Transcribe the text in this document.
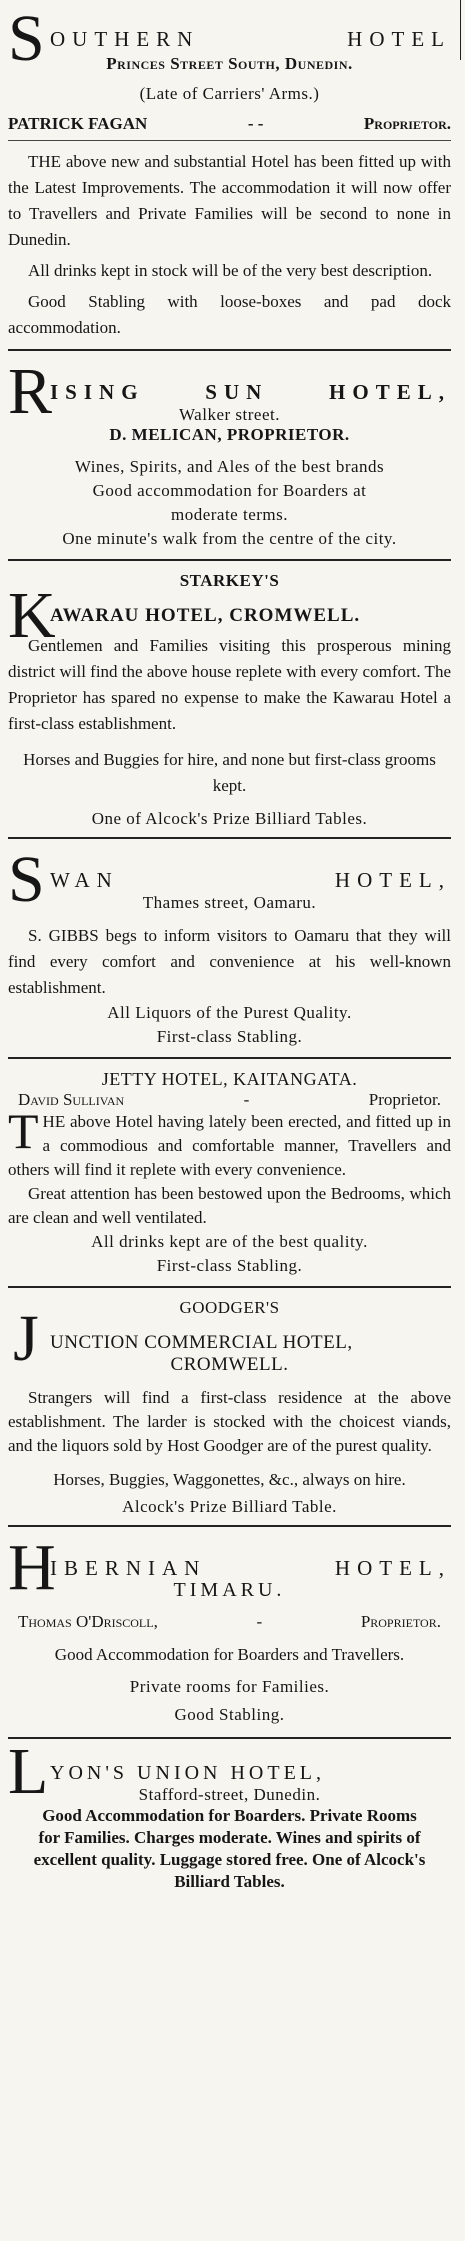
S OUTHERN	HOTEL
Princes Street South, Dunedin.
(Late of Carriers' Arms.)
PATRICK FAGAN	- -	Proprietor.
THE above new and substantial Hotel has been fitted up with the Latest Improvements. The accommodation it will now offer to Travellers and Private Families will be second to none in Dunedin.
All drinks kept in stock will be of the very best description.
Good Stabling with loose-boxes and pad dock accommodation.
R
ISING	SUN	HOTEL,
Walker street.
D. MELICAN, PROPRIETOR.
Wines, Spirits, and Ales of the best brands
Good accommodation for Boarders at
moderate terms.
One minute's walk from the centre of the city.
STARKEY'S
K
AWARAU HOTEL, CROMWELL.
Gentlemen and Families visiting this prosperous mining district will find the above house replete with every comfort. The Proprietor has spared no expense to make the Kawarau Hotel a first-class establishment.
Horses and Buggies for hire, and none but first-class grooms kept.
One of Alcock's Prize Billiard Tables.
S WAN	HOTEL,
Thames street, Oamaru.
S. GIBBS begs to inform visitors to Oamaru that they will find every comfort and convenience at his well-known establishment.
All Liquors of the Purest Quality.
First-class Stabling.
JETTY HOTEL, KAITANGATA.
David Sullivan	-	Proprietor.
THE above Hotel having lately been erected, and fitted up in a commodious and comfortable manner, Travellers and others will find it replete with every convenience.
Great attention has been bestowed upon the Bedrooms, which are clean and well ventilated.
All drinks kept are of the best quality.
First-class Stabling.
GOODGER'S
J UNCTION COMMERCIAL HOTEL,
CROMWELL.
Strangers will find a first-class residence at the above establishment. The larder is stocked with the choicest viands, and the liquors sold by Host Goodger are of the purest quality.
Horses, Buggies, Waggonettes, &c., always on hire.
Alcock's Prize Billiard Table.
H
IBERNIAN	HOTEL,
TIMARU.
Thomas O'Driscoll,	-	Proprietor.
Good Accommodation for Boarders and Travellers.
Private rooms for Families.
Good Stabling.
L YON'S UNION HOTEL,
Stafford-street, Dunedin.
Good Accommodation for Boarders. Private Rooms for Families. Charges moderate. Wines and spirits of excellent quality. Luggage stored free. One of Alcock's Billiard Tables.
